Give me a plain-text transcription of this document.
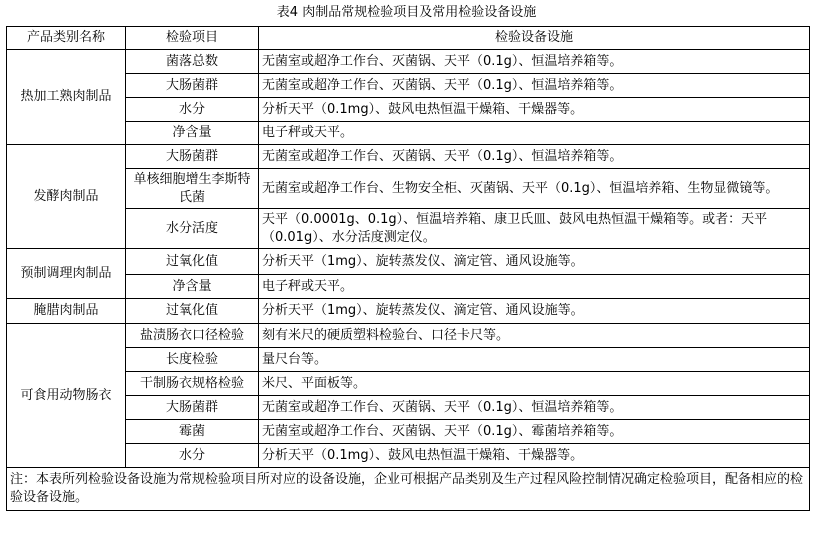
表4 肉制品常规检验项目及常用检验设备设施
产品类别名称	检验项目	检验设备设施
热加工熟肉制品	菌落总数	无菌室或超净工作台、灭菌锅、天平（0.1g）、恒温培养箱等。
	大肠菌群	无菌室或超净工作台、灭菌锅、天平（0.1g）、恒温培养箱等。
	水分	分析天平（0.1mg）、鼓风电热恒温干燥箱、干燥器等。
	净含量	电子秤或天平。
发酵肉制品	大肠菌群	无菌室或超净工作台、灭菌锅、天平（0.1g）、恒温培养箱等。
	单核细胞增生李斯特氏菌	无菌室或超净工作台、生物安全柜、灭菌锅、天平（0.1g）、恒温培养箱、生物显微镜等。
	水分活度	天平（0.0001g、0.1g）、恒温培养箱、康卫氏皿、鼓风电热恒温干燥箱等。或者：天平（0.01g）、水分活度测定仪。
预制调理肉制品	过氧化值	分析天平（1mg）、旋转蒸发仪、滴定管、通风设施等。
	净含量	电子秤或天平。
腌腊肉制品	过氧化值	分析天平（1mg）、旋转蒸发仪、滴定管、通风设施等。
可食用动物肠衣	盐渍肠衣口径检验	刻有米尺的硬质塑料检验台、口径卡尺等。
	长度检验	量尺台等。
	干制肠衣规格检验	米尺、平面板等。
	大肠菌群	无菌室或超净工作台、灭菌锅、天平（0.1g）、恒温培养箱等。
	霉菌	无菌室或超净工作台、灭菌锅、天平（0.1g）、霉菌培养箱等。
	水分	分析天平（0.1mg）、鼓风电热恒温干燥箱、干燥器等。
注：本表所列检验设备设施为常规检验项目所对应的设备设施，企业可根据产品类别及生产过程风险控制情况确定检验项目，配备相应的检验设备设施。		
